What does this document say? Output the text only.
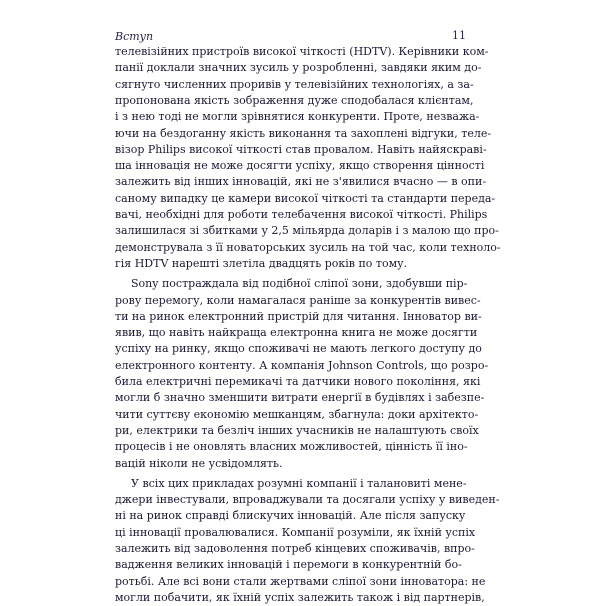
Вступ	11
телевізійних пристроїв високої чіткості (HDTV). Керівники ком-
панії доклали значних зусиль у розробленні, завдяки яким до-
сягнуто численних проривів у телевізійних технологіях, а за-
пропонована якість зображення дуже сподобалася клієнтам,
і з нею тоді не могли зрівнятися конкуренти. Проте, незважа-
ючи на бездоганну якість виконання та захоплені відгуки, теле-
візор Philips високої чіткості став провалом. Навіть найяскраві-
ша інновація не може досягти успіху, якщо створення цінності
залежить від інших інновацій, які не з'явилися вчасно — в опи-
саному випадку це камери високої чіткості та стандарти переда-
вачі, необхідні для роботи телебачення високої чіткості. Philips
залишилася зі збитками у 2,5 мільярда доларів і з малою що про-
демонструвала з її новаторських зусиль на той час, коли техноло-
гія HDTV нарешті злетіла двадцять років по тому.
Sony постраждала від подібної сліпої зони, здобувши пір-
рову перемогу, коли намагалася раніше за конкурентів вивес-
ти на ринок електронний пристрій для читання. Інноватор ви-
явив, що навіть найкраща електронна книга не може досягти
успіху на ринку, якщо споживачі не мають легкого доступу до
електронного контенту. А компанія Johnson Controls, що розро-
била електричні перемикачі та датчики нового покоління, які
могли б значно зменшити витрати енергії в будівлях і забезпе-
чити суттєву економію мешканцям, збагнула: доки архітекто-
ри, електрики та безліч інших учасників не налаштують своїх
процесів і не оновлять власних можливостей, цінність її іно-
вацій ніколи не усвідомлять.
У всіх цих прикладах розумні компанії і талановиті мене-
джери інвестували, впроваджували та досягали успіху у виведен-
ні на ринок справді блискучих інновацій. Але після запуску
ці інновації провалювалися. Компанії розуміли, як їхній успіх
залежить від задоволення потреб кінцевих споживачів, впро-
вадження великих інновацій і перемоги в конкурентній бо-
ротьбі. Але всі вони стали жертвами сліпої зони інноватора: не
могли побачити, як їхній успіх залежить також і від партнерів,
